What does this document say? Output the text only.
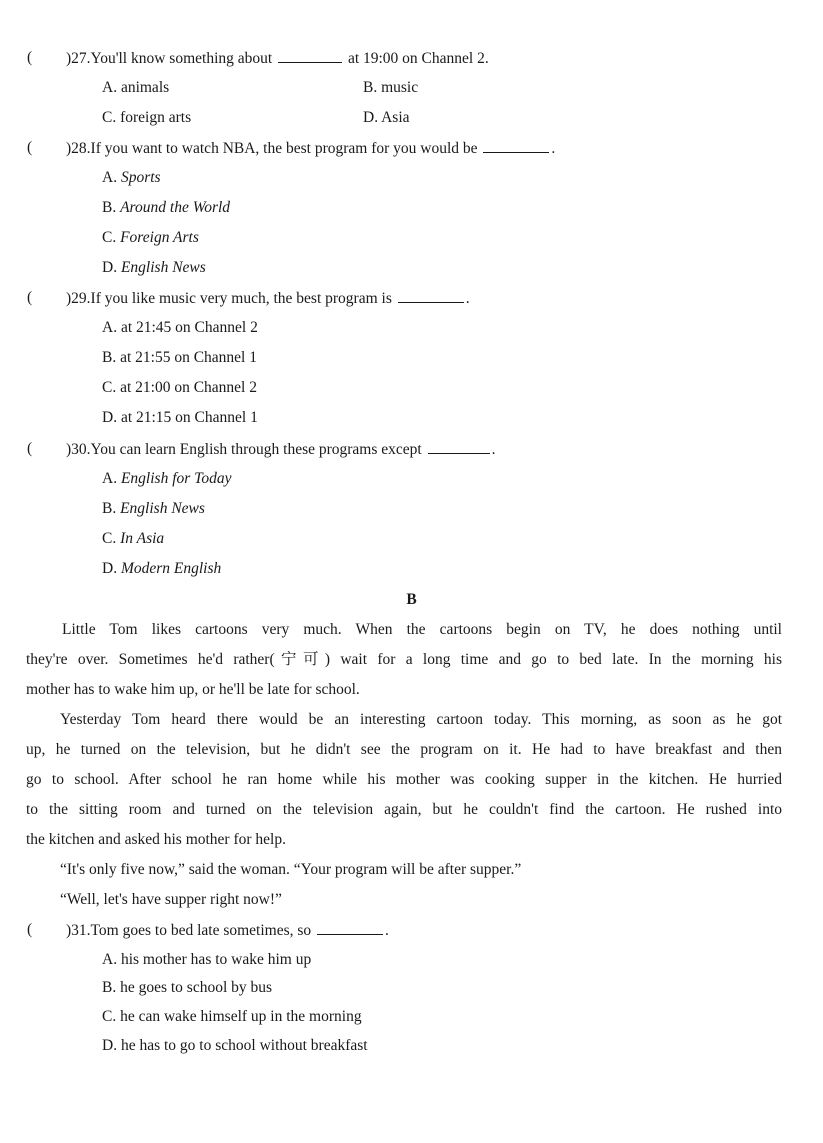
( )27.You'll know something about	at 19:00 on Channel 2.
A. animals	B. music
C. foreign arts	D. Asia
( )28.If you want to watch NBA, the best program for you would be	.
A. Sports
B. Around the World
C. Foreign Arts
D. English News
( )29.If you like music very much, the best program is	.
A. at 21:45 on Channel 2
B. at 21:55 on Channel 1
C. at 21:00 on Channel 2
D. at 21:15 on Channel 1
( )30.You can learn English through these programs except	.
A. English for Today
B. English News
C. In Asia
D. Modern English
B
Little Tom likes cartoons very much. When the cartoons begin on TV, he does nothing until
they're over. Sometimes he'd rather(宁可) wait for a long time and go to bed late. In the morning his
mother has to wake him up, or he'll be late for school.
Yesterday Tom heard there would be an interesting cartoon today. This morning, as soon as he got
up, he turned on the television, but he didn't see the program on it. He had to have breakfast and then
go to school. After school he ran home while his mother was cooking supper in the kitchen. He hurried
to the sitting room and turned on the television again, but he couldn't find the cartoon. He rushed into
the kitchen and asked his mother for help.
“It's only five now,” said the woman. “Your program will be after supper.”
“Well, let's have supper right now!”
( )31.Tom goes to bed late sometimes, so	.
A. his mother has to wake him up
B. he goes to school by bus
C. he can wake himself up in the morning
D. he has to go to school without breakfast
